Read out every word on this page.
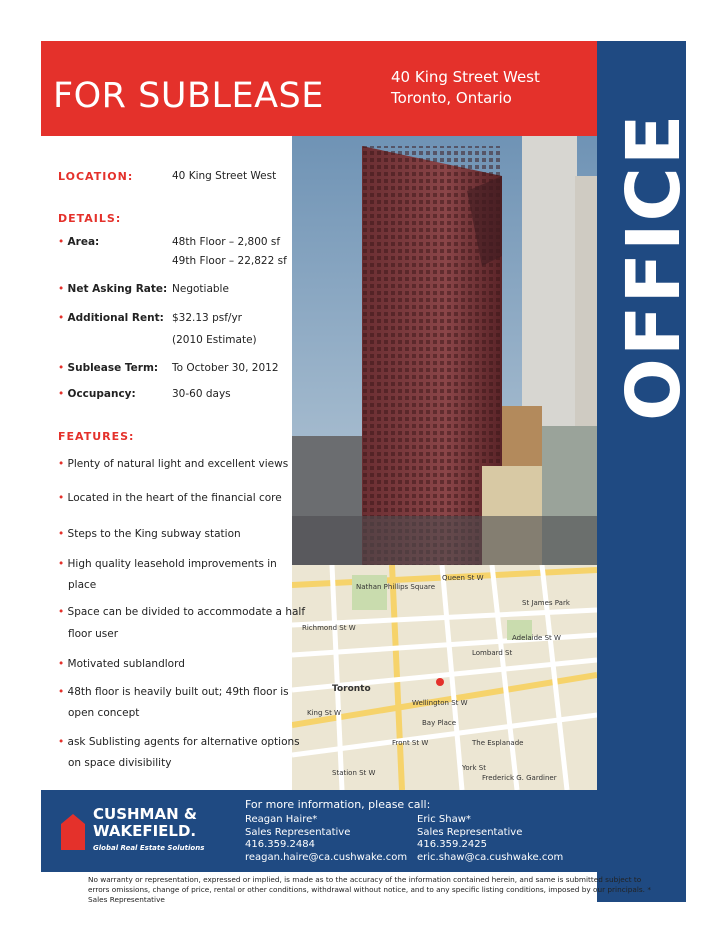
FOR SUBLEASE	40 King Street West
Toronto, Ontario
OFFICE
Nathan Phillips Square
Queen St W
Richmond St W
Adelaide St W
King St W
Wellington St W
Front St W
Station St W
Toronto
York St
Lombard St
St James Park
Bay Place
The Esplanade
Frederick G. Gardiner
LOCATION:	40 King Street West
DETAILS:
• Area:	48th Floor – 2,800 sf
49th Floor – 22,822 sf
• Net Asking Rate: Negotiable
• Additional Rent: $32.13 psf/yr
(2010 Estimate)
• Sublease Term: To October 30, 2012
• Occupancy:	30-60 days
FEATURES:
• Plenty of natural light and excellent views
• Located in the heart of the financial core
• Steps to the King subway station
• High quality leasehold improvements in
place
• Space can be divided to accommodate a half
floor user
• Motivated sublandlord
• 48th floor is heavily built out; 49th floor is
open concept
• ask Sublisting agents for alternative options
on space divisibility
CUSHMAN &
WAKEFIELD.
Global Real Estate Solutions
For more information, please call:
Reagan Haire*
Sales Representative
416.359.2484
reagan.haire@ca.cushwake.com
Eric Shaw*
Sales Representative
416.359.2425
eric.shaw@ca.cushwake.com
No warranty or representation, expressed or implied, is made as to the accuracy of the information contained herein, and same is submitted subject to errors omissions, change of price, rental or other conditions, withdrawal without notice, and to any specific listing conditions, imposed by our principals. * Sales Representative
